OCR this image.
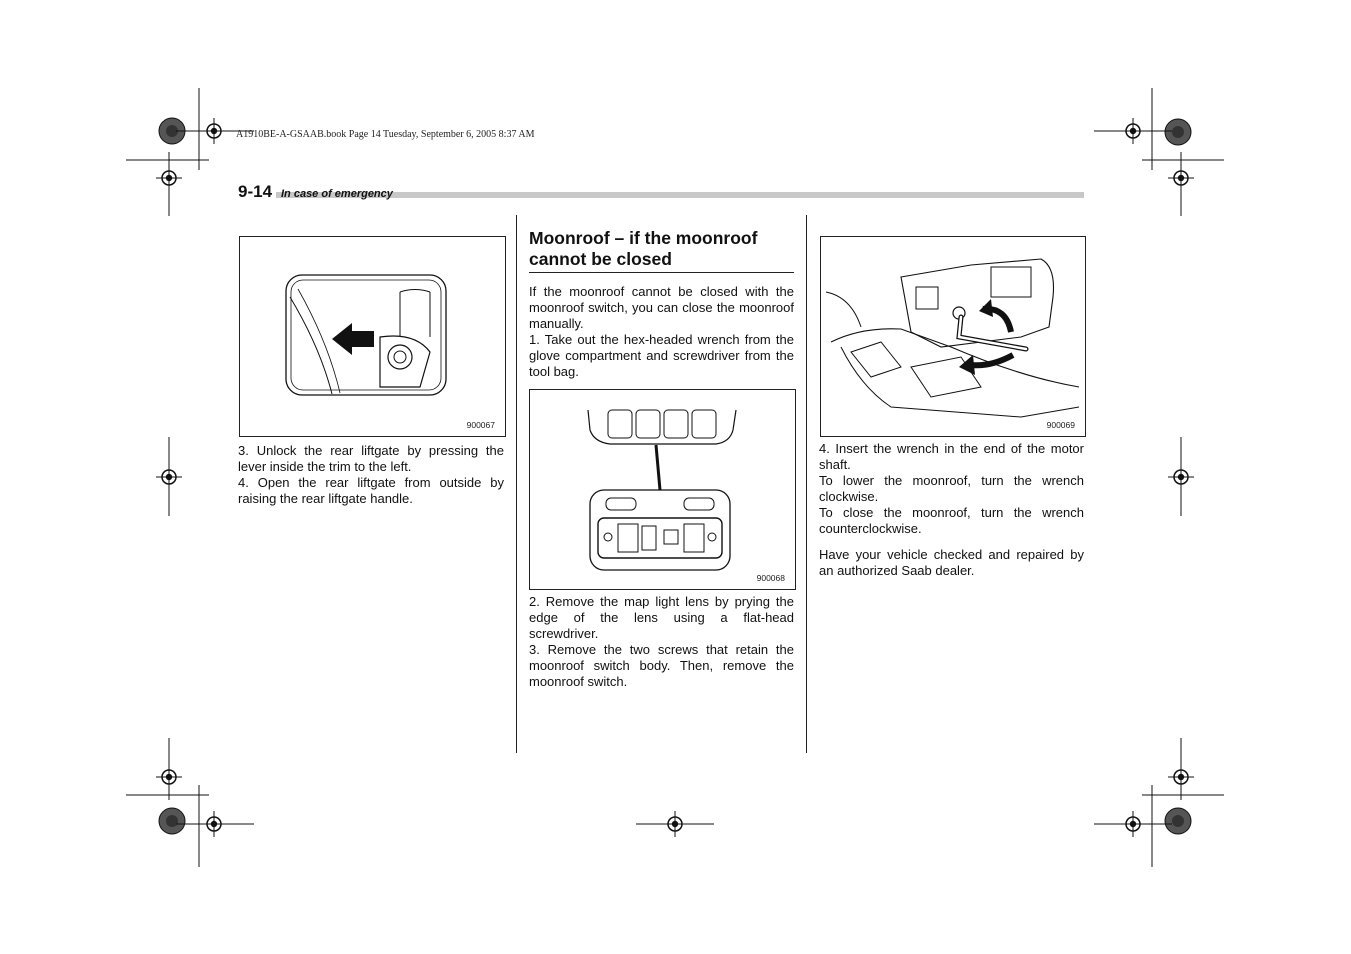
A1910BE-A-GSAAB.book Page 14 Tuesday, September 6, 2005 8:37 AM
9-14 In case of emergency
900067

3. Unlock the rear liftgate by pressing the lever inside the trim to the left.

4. Open the rear liftgate from outside by raising the rear liftgate handle.

Moonroof – if the moonroof cannot be closed

If the moonroof cannot be closed with the moonroof switch, you can close the moonroof manually.

1. Take out the hex-headed wrench from the glove compartment and screwdriver from the tool bag.

900068

2. Remove the map light lens by prying the edge of the lens using a flat-head screwdriver.

3. Remove the two screws that retain the moonroof switch body. Then, remove the moonroof switch.

900069

4. Insert the wrench in the end of the motor shaft.

To lower the moonroof, turn the wrench clockwise.

To close the moonroof, turn the wrench counterclockwise.

Have your vehicle checked and repaired by an authorized Saab dealer.
